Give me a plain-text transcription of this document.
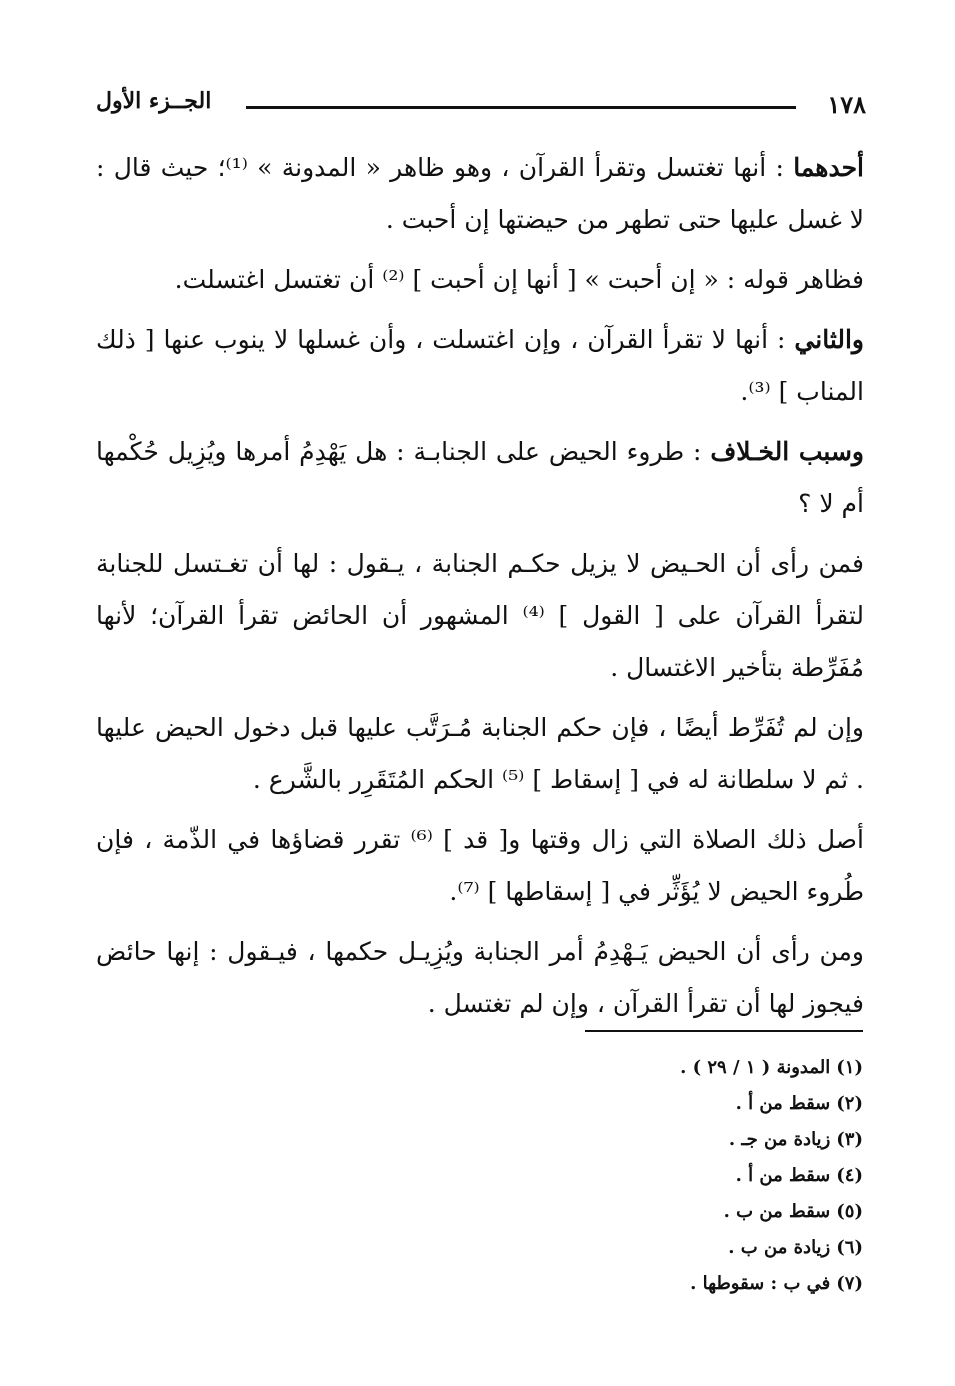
١٧٨
الجــزء الأول

أحدهما : أنها تغتسل وتقرأ القرآن ، وهو ظاهر « المدونة » ⁽¹⁾؛ حيث قال : لا غسل عليها حتى تطهر من حيضتها إن أحبت .

فظاهر قوله : « إن أحبت » [ أنها إن أحبت ] ⁽²⁾ أن تغتسل اغتسلت.

والثاني : أنها لا تقرأ القرآن ، وإن اغتسلت ، وأن غسلها لا ينوب عنها [ ذلك المناب ] ⁽³⁾.

وسبب الخـلاف : طروء الحيض على الجنابـة : هل يَهْدِمُ أمرها ويُزِيل حُكْمها أم لا ؟

فمن رأى أن الحـيض لا يزيل حكـم الجنابة ، يـقول : لها أن تغـتسل للجنابة لتقرأ القرآن على [ القول ] ⁽⁴⁾ المشهور أن الحائض تقرأ القرآن؛ لأنها مُفَرِّطة بتأخير الاغتسال .

وإن لم تُفَرِّط أيضًا ، فإن حكم الجنابة مُـرَتَّب عليها قبل دخول الحيض عليها . ثم لا سلطانة له في [ إسقاط ] ⁽⁵⁾ الحكم المُتَقَرِر بالشَّرع .

أصل ذلك الصلاة التي زال وقتها و[ قد ] ⁽⁶⁾ تقرر قضاؤها في الذّمة ، فإن طُروء الحيض لا يُؤَثِّر في [ إسقاطها ] ⁽⁷⁾.

ومن رأى أن الحيض يَـهْدِمُ أمر الجنابة ويُزِيـل حكمها ، فيـقول : إنها حائض فيجوز لها أن تقرأ القرآن ، وإن لم تغتسل .

(١)المدونة ( ١ / ٢٩ ) .
(٢)سقط من أ .
(٣)زيادة من جـ .
(٤)سقط من أ .
(٥)سقط من ب .
(٦)زيادة من ب .
(٧)في ب : سقوطها .
